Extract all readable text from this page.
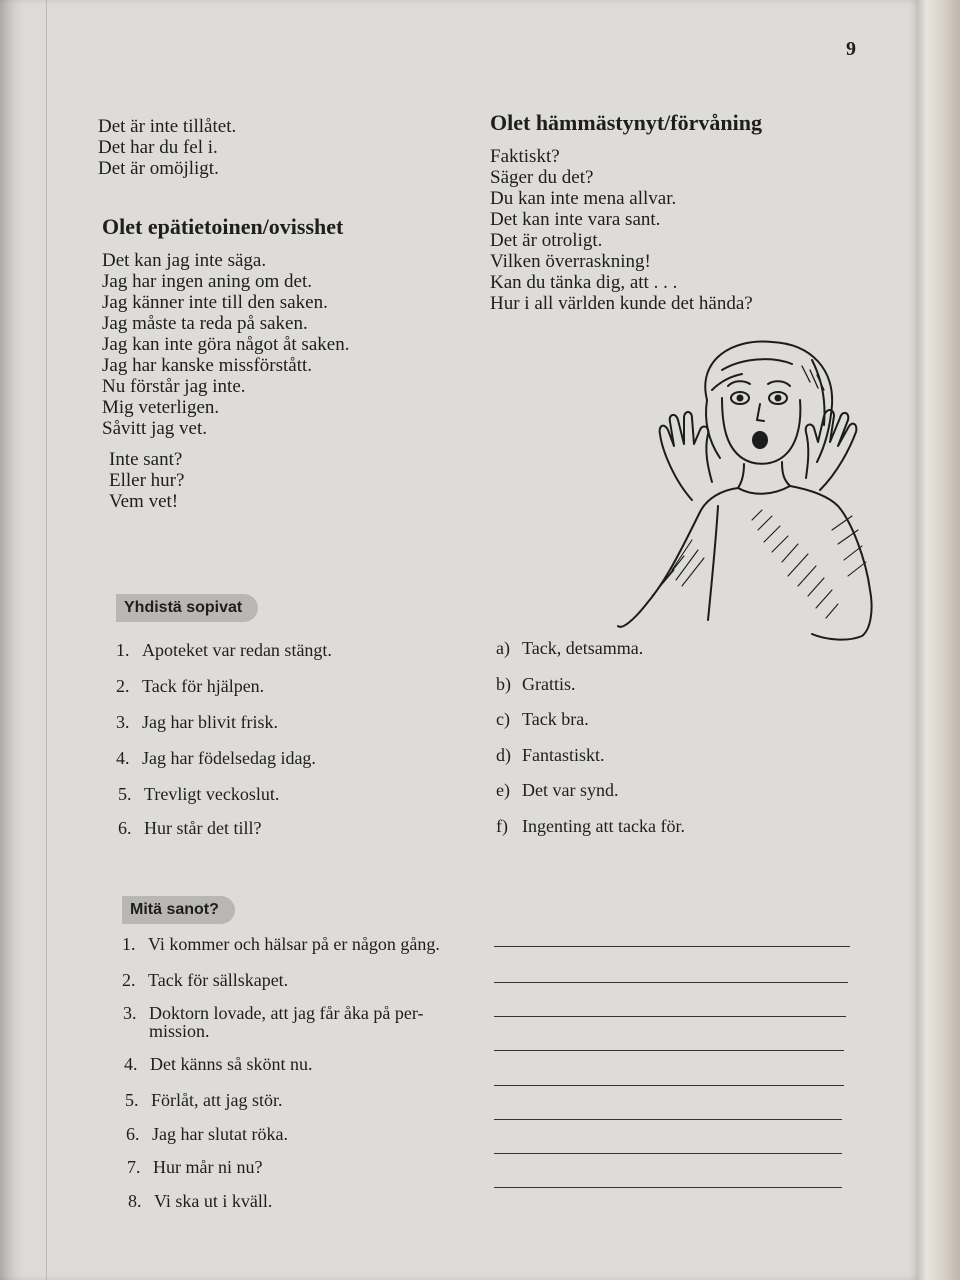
9
Det är inte tillåtet.
Det har du fel i.
Det är omöjligt.
Olet epätietoinen/ovisshet
Det kan jag inte säga.
Jag har ingen aning om det.
Jag känner inte till den saken.
Jag måste ta reda på saken.
Jag kan inte göra något åt saken.
Jag har kanske missförstått.
Nu förstår jag inte.
Mig veterligen.
Såvitt jag vet.
Inte sant?
Eller hur?
Vem vet!
Olet hämmästynyt/förvåning
Faktiskt?
Säger du det?
Du kan inte mena allvar.
Det kan inte vara sant.
Det är otroligt.
Vilken överraskning!
Kan du tänka dig, att . . .
Hur i all världen kunde det hända?
Yhdistä sopivat
1. Apoteket var redan stängt.
2. Tack för hjälpen.
3. Jag har blivit frisk.
4. Jag har födelsedag idag.
5. Trevligt veckoslut.
6. Hur står det till?
a) Tack, detsamma.
b) Grattis.
c) Tack bra.
d) Fantastiskt.
e) Det var synd.
f) Ingenting att tacka för.
Mitä sanot?
1. Vi kommer och hälsar på er någon gång.
2. Tack för sällskapet.
3. Doktorn lovade, att jag får åka på per-
mission.
4. Det känns så skönt nu.
5. Förlåt, att jag stör.
6. Jag har slutat röka.
7. Hur mår ni nu?
8. Vi ska ut i kväll.
